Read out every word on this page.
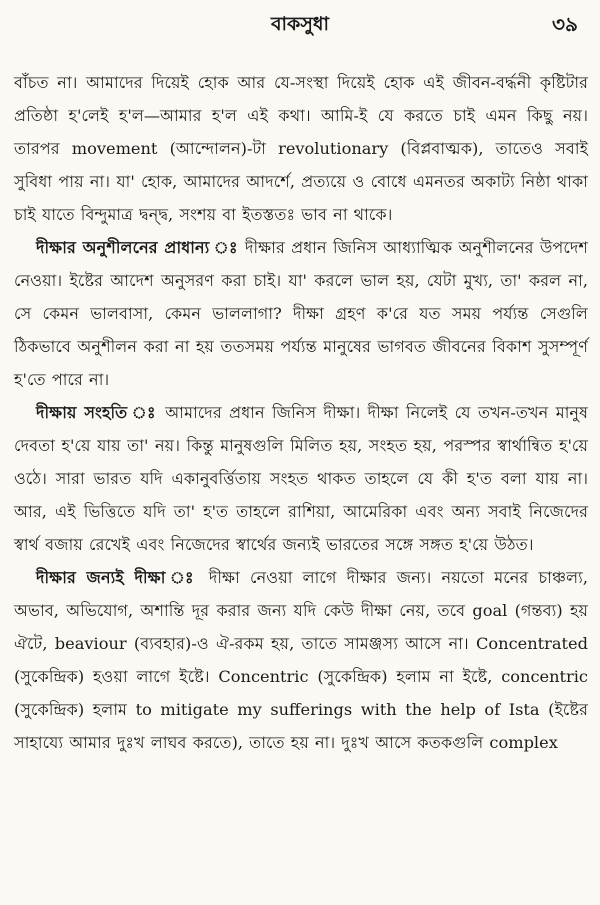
বাকসুধা	৩৯

বাঁচত না। আমাদের দিয়েই হোক আর যে-সংস্থা দিয়েই হোক এই জীবন-বর্দ্ধনী কৃষ্টিটার প্রতিষ্ঠা হ'লেই হ'ল—আমার হ'ল এই কথা। আমি-ই যে করতে চাই এমন কিছু নয়। তারপর movement (আন্দোলন)-টা revolutionary (বিপ্লবাত্মক), তাতেও সবাই সুবিধা পায় না। যা' হোক, আমাদের আদর্শে, প্রত্যয়ে ও বোধে এমনতর অকাট্য নিষ্ঠা থাকা চাই যাতে বিন্দুমাত্র দ্বন্দ্ব, সংশয় বা ইতস্ততঃ ভাব না থাকে।

দীক্ষার অনুশীলনের প্রাধান্য ঃ দীক্ষার প্রধান জিনিস আধ্যাত্মিক অনুশীলনের উপদেশ নেওয়া। ইষ্টের আদেশ অনুসরণ করা চাই। যা' করলে ভাল হয়, যেটা মুখ্য, তা' করল না, সে কেমন ভালবাসা, কেমন ভাললাগা? দীক্ষা গ্রহণ ক'রে যত সময় পর্য্যন্ত সেগুলি ঠিকভাবে অনুশীলন করা না হয় ততসময় পর্য্যন্ত মানুষের ভাগবত জীবনের বিকাশ সুসম্পূর্ণ হ'তে পারে না।

দীক্ষায় সংহতি ঃ আমাদের প্রধান জিনিস দীক্ষা। দীক্ষা নিলেই যে তখন-তখন মানুষ দেবতা হ'য়ে যায় তা' নয়। কিন্তু মানুষগুলি মিলিত হয়, সংহত হয়, পরস্পর স্বার্থান্বিত হ'য়ে ওঠে। সারা ভারত যদি একানুবর্ত্তিতায় সংহত থাকত তাহলে যে কী হ'ত বলা যায় না। আর, এই ভিত্তিতে যদি তা' হ'ত তাহলে রাশিয়া, আমেরিকা এবং অন্য সবাই নিজেদের স্বার্থ বজায় রেখেই এবং নিজেদের স্বার্থের জন্যই ভারতের সঙ্গে সঙ্গত হ'য়ে উঠত।

দীক্ষার জন্যই দীক্ষা ঃ দীক্ষা নেওয়া লাগে দীক্ষার জন্য। নয়তো মনের চাঞ্চল্য, অভাব, অভিযোগ, অশান্তি দূর করার জন্য যদি কেউ দীক্ষা নেয়, তবে goal (গন্তব্য) হয় ঐটে, beaviour (ব্যবহার)-ও ঐ-রকম হয়, তাতে সামঞ্জস্য আসে না। Concentrated (সুকেন্দ্রিক) হওয়া লাগে ইষ্টে। Concentric (সুকেন্দ্রিক) হলাম না ইষ্টে, concentric (সুকেন্দ্রিক) হলাম to mitigate my sufferings with the help of Ista (ইষ্টের সাহায্যে আমার দুঃখ লাঘব করতে), তাতে হয় না। দুঃখ আসে কতকগুলি complex
